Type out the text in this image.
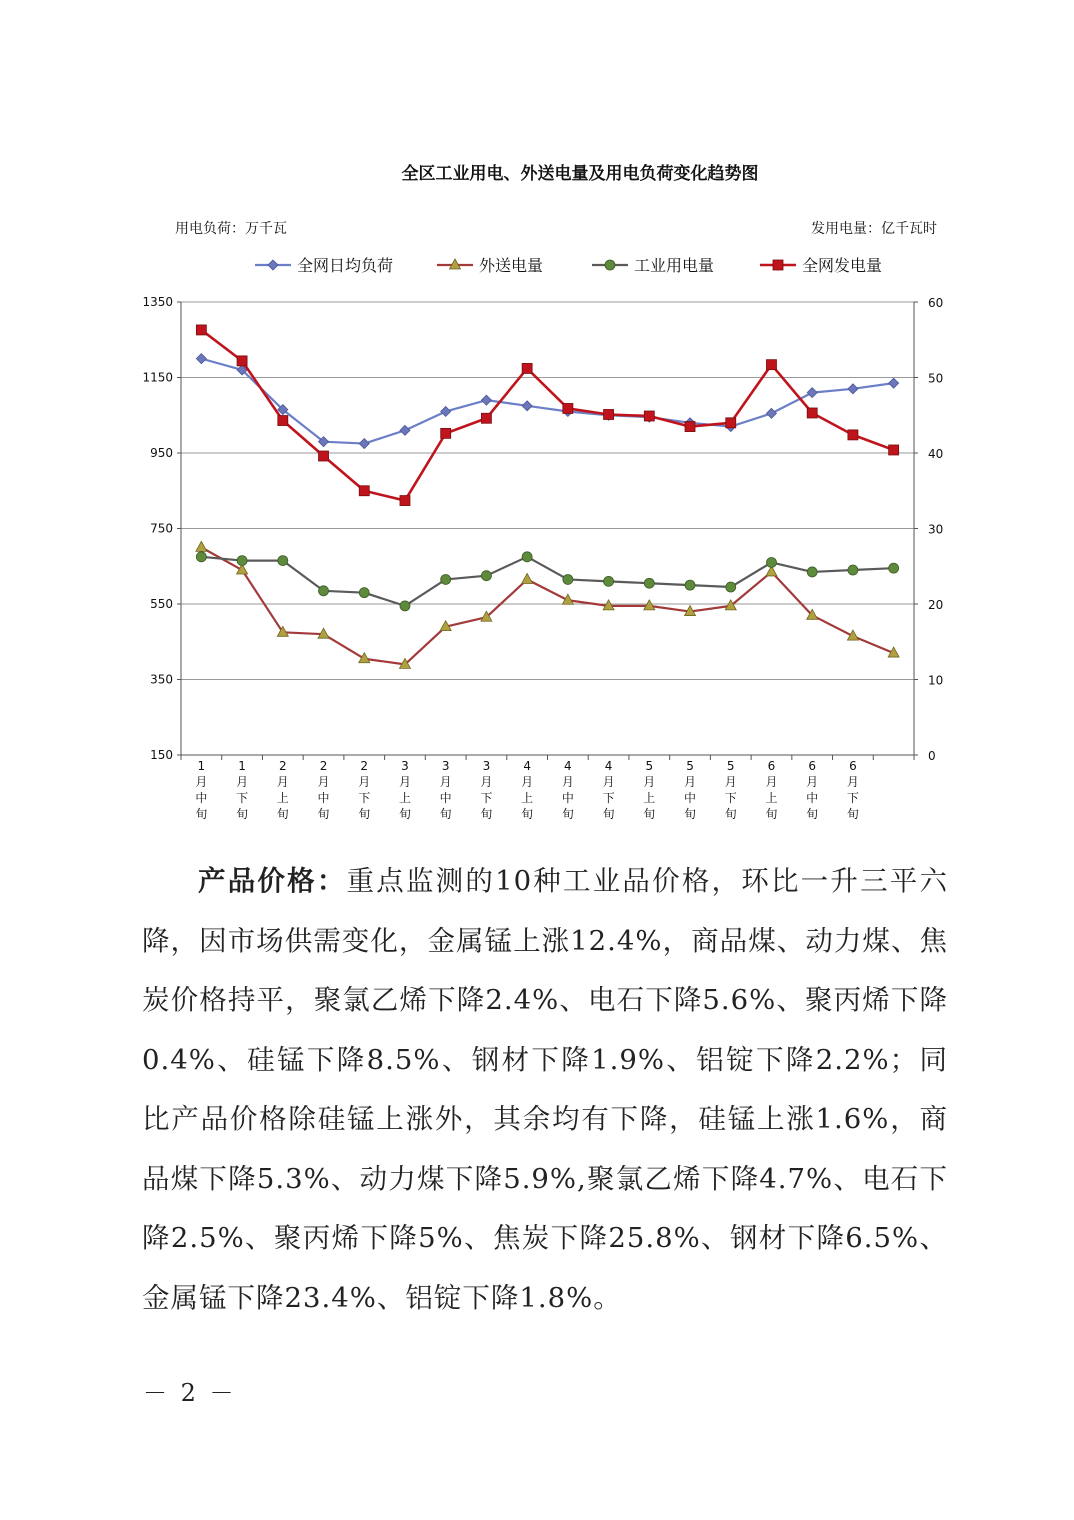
全区工业用电、外送电量及用电负荷变化趋势图
用电负荷：万千瓦	发用电量：亿千瓦时
全网日均负荷	外送电量	工业用电量	全网发电量
1350
1150
950
750
550
350
150
60
50
40
30
20
10
0
1
月
中
旬
1
月
下
旬
2
月
上
旬
2
月
中
旬
2
月
下
旬
3
月
上
旬
3
月
中
旬
3
月
下
旬
4
月
上
旬
4
月
中
旬
4
月
下
旬
5
月
上
旬
5
月
中
旬
5
月
下
旬
6
月
上
旬
6
月
中
旬
6
月
下
旬

产品价格：重点监测的10种工业品价格，环比一升三平六降，因市场供需变化，金属锰上涨12.4%，商品煤、动力煤、焦炭价格持平，聚氯乙烯下降2.4%、电石下降5.6%、聚丙烯下降0.4%、硅锰下降8.5%、钢材下降1.9%、铝锭下降2.2%；同比产品价格除硅锰上涨外，其余均有下降，硅锰上涨1.6%，商品煤下降5.3%、动力煤下降5.9%,聚氯乙烯下降4.7%、电石下降2.5%、聚丙烯下降5%、焦炭下降25.8%、钢材下降6.5%、金属锰下降23.4%、铝锭下降1.8%。

－ 2 －
